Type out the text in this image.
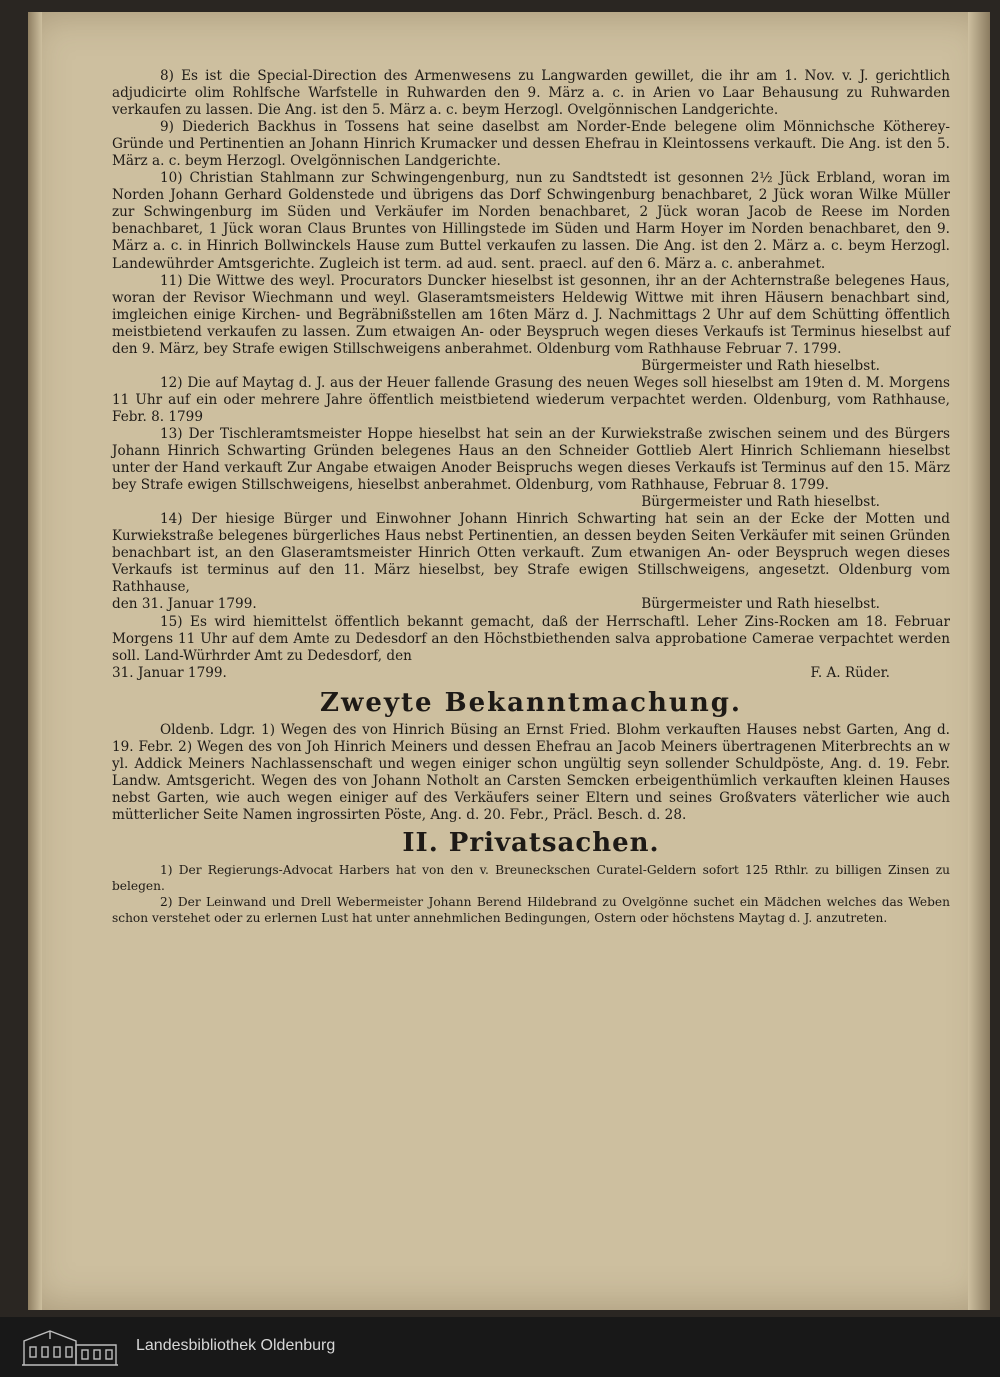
8) Es ist die Special-Direction des Armenwesens zu Langwarden gewillet, die ihr am 1. Nov. v. J. gerichtlich adjudicirte olim Rohlfsche Warfstelle in Ruhwarden den 9. März a. c. in Arien vo Laar Behausung zu Ruhwarden verkaufen zu lassen. Die Ang. ist den 5. März a. c. beym Herzogl. Ovelgönnischen Landgerichte.

9) Diederich Backhus in Tossens hat seine daselbst am Norder-Ende belegene olim Mönnichsche Kötherey-Gründe und Pertinentien an Johann Hinrich Krumacker und dessen Ehefrau in Kleintossens verkauft. Die Ang. ist den 5. März a. c. beym Herzogl. Ovelgönnischen Landgerichte.

10) Christian Stahlmann zur Schwingengenburg, nun zu Sandtstedt ist gesonnen 2½ Jück Erbland, woran im Norden Johann Gerhard Goldenstede und übrigens das Dorf Schwingenburg benachbaret, 2 Jück woran Wilke Müller zur Schwingenburg im Süden und Verkäufer im Norden benachbaret, 2 Jück woran Jacob de Reese im Norden benachbaret, 1 Jück woran Claus Bruntes von Hillingstede im Süden und Harm Hoyer im Norden benachbaret, den 9. März a. c. in Hinrich Bollwinckels Hause zum Buttel verkaufen zu lassen. Die Ang. ist den 2. März a. c. beym Herzogl. Landewührder Amtsgerichte. Zugleich ist term. ad aud. sent. praecl. auf den 6. März a. c. anberahmet.

11) Die Wittwe des weyl. Procurators Duncker hieselbst ist gesonnen, ihr an der Achternstraße belegenes Haus, woran der Revisor Wiechmann und weyl. Glaseramtsmeisters Heldewig Wittwe mit ihren Häusern benachbart sind, imgleichen einige Kirchen- und Begräbnißstellen am 16ten März d. J. Nachmittags 2 Uhr auf dem Schütting öffentlich meistbietend verkaufen zu lassen. Zum etwaigen An- oder Beyspruch wegen dieses Verkaufs ist Terminus hieselbst auf den 9. März, bey Strafe ewigen Stillschweigens anberahmet. Oldenburg vom Rathhause Februar 7. 1799.

Bürgermeister und Rath hieselbst.

12) Die auf Maytag d. J. aus der Heuer fallende Grasung des neuen Weges soll hieselbst am 19ten d. M. Morgens 11 Uhr auf ein oder mehrere Jahre öffentlich meistbietend wiederum verpachtet werden. Oldenburg, vom Rathhause, Febr. 8. 1799

13) Der Tischleramtsmeister Hoppe hieselbst hat sein an der Kurwiekstraße zwischen seinem und des Bürgers Johann Hinrich Schwarting Gründen belegenes Haus an den Schneider Gottlieb Alert Hinrich Schliemann hieselbst unter der Hand verkauft Zur Angabe etwaigen Anoder Beispruchs wegen dieses Verkaufs ist Terminus auf den 15. März bey Strafe ewigen Stillschweigens, hieselbst anberahmet. Oldenburg, vom Rathhause, Februar 8. 1799.

Bürgermeister und Rath hieselbst.

14) Der hiesige Bürger und Einwohner Johann Hinrich Schwarting hat sein an der Ecke der Motten und Kurwiekstraße belegenes bürgerliches Haus nebst Pertinentien, an dessen beyden Seiten Verkäufer mit seinen Gründen benachbart ist, an den Glaseramtsmeister Hinrich Otten verkauft. Zum etwanigen An- oder Beyspruch wegen dieses Verkaufs ist terminus auf den 11. März hieselbst, bey Strafe ewigen Stillschweigens, angesetzt. Oldenburg vom Rathhause,

den 31. Januar 1799.	Bürgermeister und Rath hieselbst.

15) Es wird hiemittelst öffentlich bekannt gemacht, daß der Herrschaftl. Leher Zins-Rocken am 18. Februar Morgens 11 Uhr auf dem Amte zu Dedesdorf an den Höchstbiethenden salva approbatione Camerae verpachtet werden soll. Land-Würhrder Amt zu Dedesdorf, den

31. Januar 1799.	F. A. Rüder.
Zweyte Bekanntmachung.

Oldenb. Ldgr. 1) Wegen des von Hinrich Büsing an Ernst Fried. Blohm verkauften Hauses nebst Garten, Ang d. 19. Febr. 2) Wegen des von Joh Hinrich Meiners und dessen Ehefrau an Jacob Meiners übertragenen Miterbrechts an w yl. Addick Meiners Nachlassenschaft und wegen einiger schon ungültig seyn sollender Schuldpöste, Ang. d. 19. Febr. Landw. Amtsgericht. Wegen des von Johann Notholt an Carsten Semcken erbeigenthümlich verkauften kleinen Hauses nebst Garten, wie auch wegen einiger auf des Verkäufers seiner Eltern und seines Großvaters väterlicher wie auch mütterlicher Seite Namen ingrossirten Pöste, Ang. d. 20. Febr., Präcl. Besch. d. 28.

II. Privatsachen.

1) Der Regierungs-Advocat Harbers hat von den v. Breuneckschen Curatel-Geldern sofort 125 Rthlr. zu billigen Zinsen zu belegen.

2) Der Leinwand und Drell Webermeister Johann Berend Hildebrand zu Ovelgönne suchet ein Mädchen welches das Weben schon verstehet oder zu erlernen Lust hat unter annehmlichen Bedingungen, Ostern oder höchstens Maytag d. J. anzutreten.

Landesbibliothek Oldenburg
